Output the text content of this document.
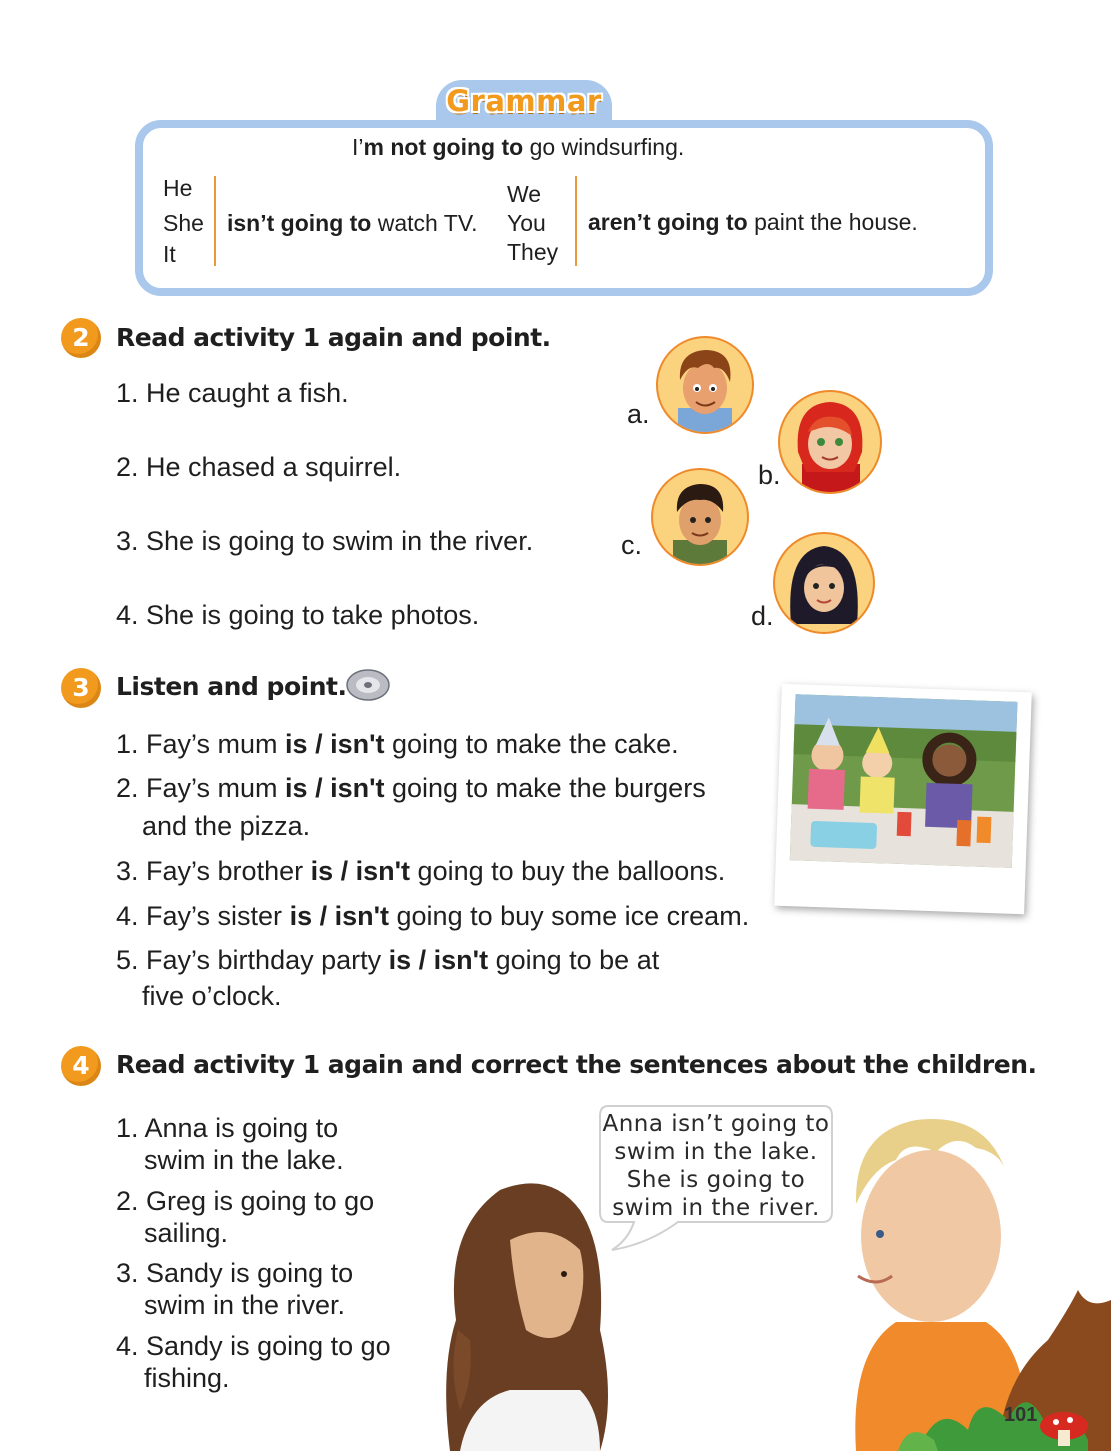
Grammar
I’m not going to go windsurfing.
He
She
It
isn’t going to watch TV.
We
You
They
aren’t going to paint the house.
2	Read activity 1 again and point.
1. He caught a fish.
2. He chased a squirrel.
3. She is going to swim in the river.
4. She is going to take photos.
a.
b.
c.
d.
3	Listen and point.
1. Fay’s mum is / isn't going to make the cake.
2. Fay’s mum is / isn't going to make the burgers
and the pizza.
3. Fay’s brother is / isn't going to buy the balloons.
4. Fay’s sister is / isn't going to buy some ice cream.
5. Fay’s birthday party is / isn't going to be at
five o’clock.
4	Read activity 1 again and correct the sentences about the children.
1. Anna is going to
swim in the lake.
2. Greg is going to go
sailing.
3. Sandy is going to
swim in the river.
4. Sandy is going to go
fishing.
Anna isn’t going to
swim in the lake.
She is going to
swim in the river.
101
